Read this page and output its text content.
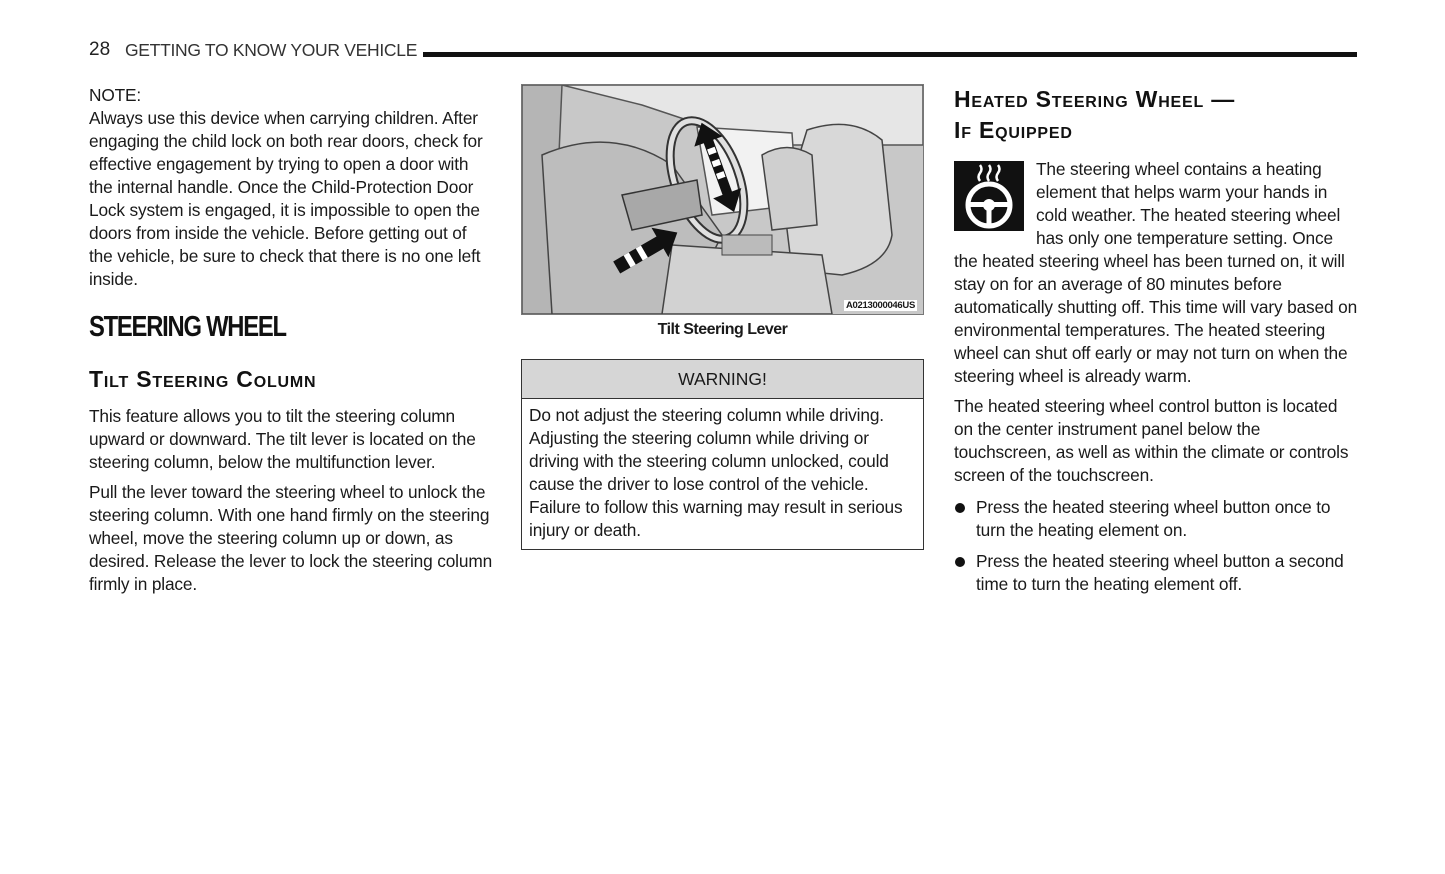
28 GETTING TO KNOW YOUR VEHICLE
NOTE:
Always use this device when carrying children. After engaging the child lock on both rear doors, check for effective engagement by trying to open a door with the internal handle. Once the Child-Protection Door Lock system is engaged, it is impossible to open the doors from inside the vehicle. Before getting out of the vehicle, be sure to check that there is no one left inside.
STEERING WHEEL
Tilt Steering Column

This feature allows you to tilt the steering column upward or downward. The tilt lever is located on the steering column, below the multifunction lever.

Pull the lever toward the steering wheel to unlock the steering column. With one hand firmly on the steering wheel, move the steering column up or down, as desired. Release the lever to lock the steering column firmly in place.

A0213000046US
Tilt Steering Lever
WARNING!
Do not adjust the steering column while driving. Adjusting the steering column while driving or driving with the steering column unlocked, could cause the driver to lose control of the vehicle. Failure to follow this warning may result in serious injury or death.
Heated Steering Wheel —
If Equipped

The steering wheel contains a heating element that helps warm your hands in cold weather. The heated steering wheel has only one temperature setting. Once the heated steering wheel has been turned on, it will stay on for an average of 80 minutes before automatically shutting off. This time will vary based on environmental temperatures. The heated steering wheel can shut off early or may not turn on when the steering wheel is already warm.

The heated steering wheel control button is located on the center instrument panel below the touchscreen, as well as within the climate or controls screen of the touchscreen.

Press the heated steering wheel button once to turn the heating element on.
Press the heated steering wheel button a second time to turn the heating element off.
